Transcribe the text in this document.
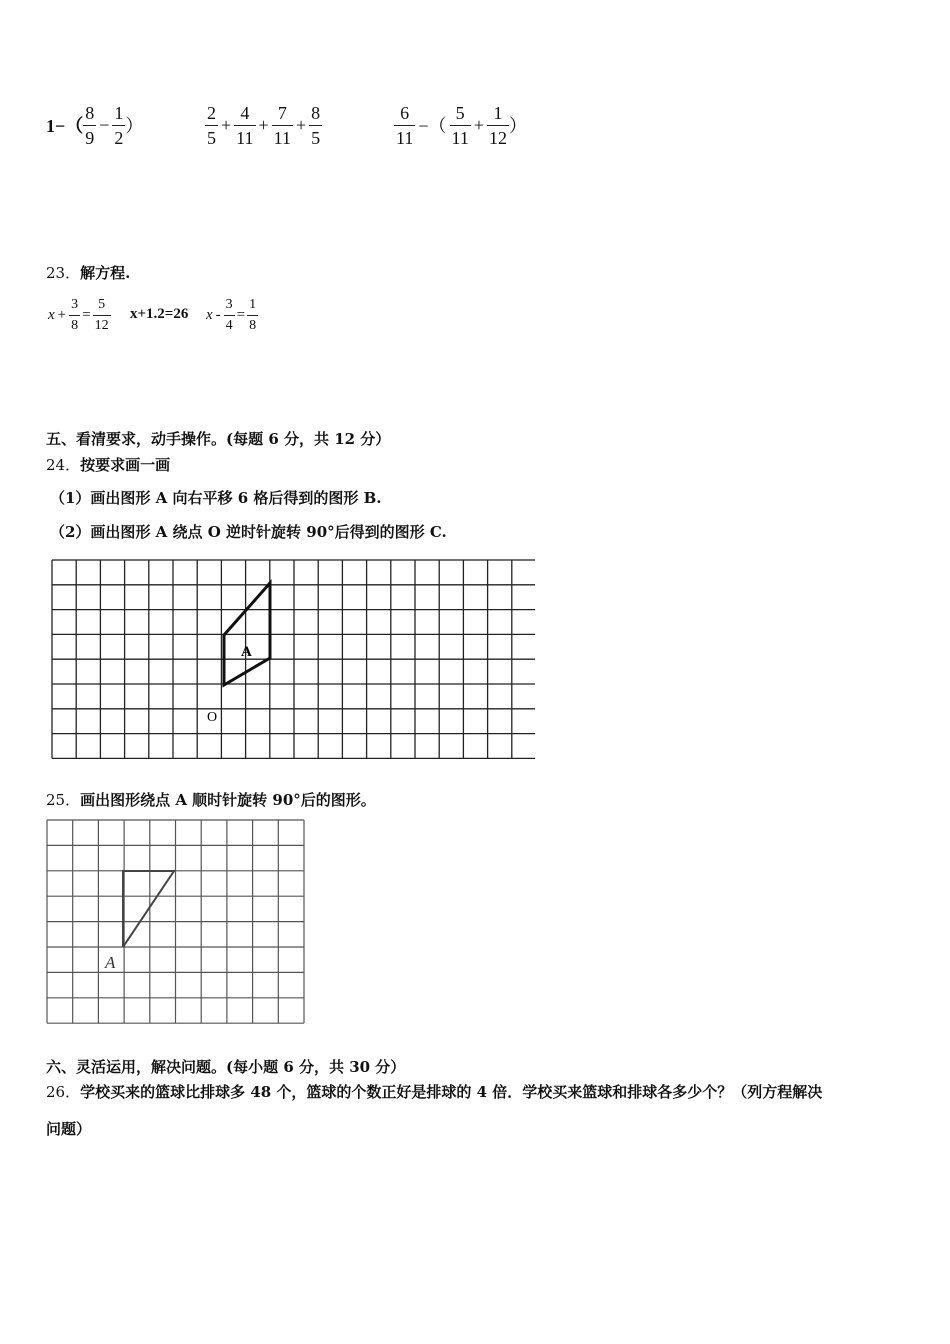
$1-( \frac{8}{9} - \frac{1}{2}$ ）	$\frac{2}{5} + \frac{4}{11} + \frac{7}{11} + \frac{8}{5}$	$\frac{6}{11}$ −（ $\frac{5}{11} + \frac{1}{12}$ ）
23．解方程.
$x + \frac{3}{8} = \frac{5}{12} x+1.2=26$ $x - \frac{3}{4} = \frac{1}{8}$
五、看清要求，动手操作。(每题 6 分，共 12 分）
24．按要求画一画
（1）画出图形 A 向右平移 6 格后得到的图形 B.
（2）画出图形 A 绕点 O 逆时针旋转 90°后得到的图形 C.
A
O
25．画出图形绕点 A 顺时针旋转 90°后的图形。
A
六、灵活运用，解决问题。(每小题 6 分，共 30 分）
26．学校买来的篮球比排球多 48 个，篮球的个数正好是排球的 4 倍．学校买来篮球和排球各多少个？（列方程解决
问题）
